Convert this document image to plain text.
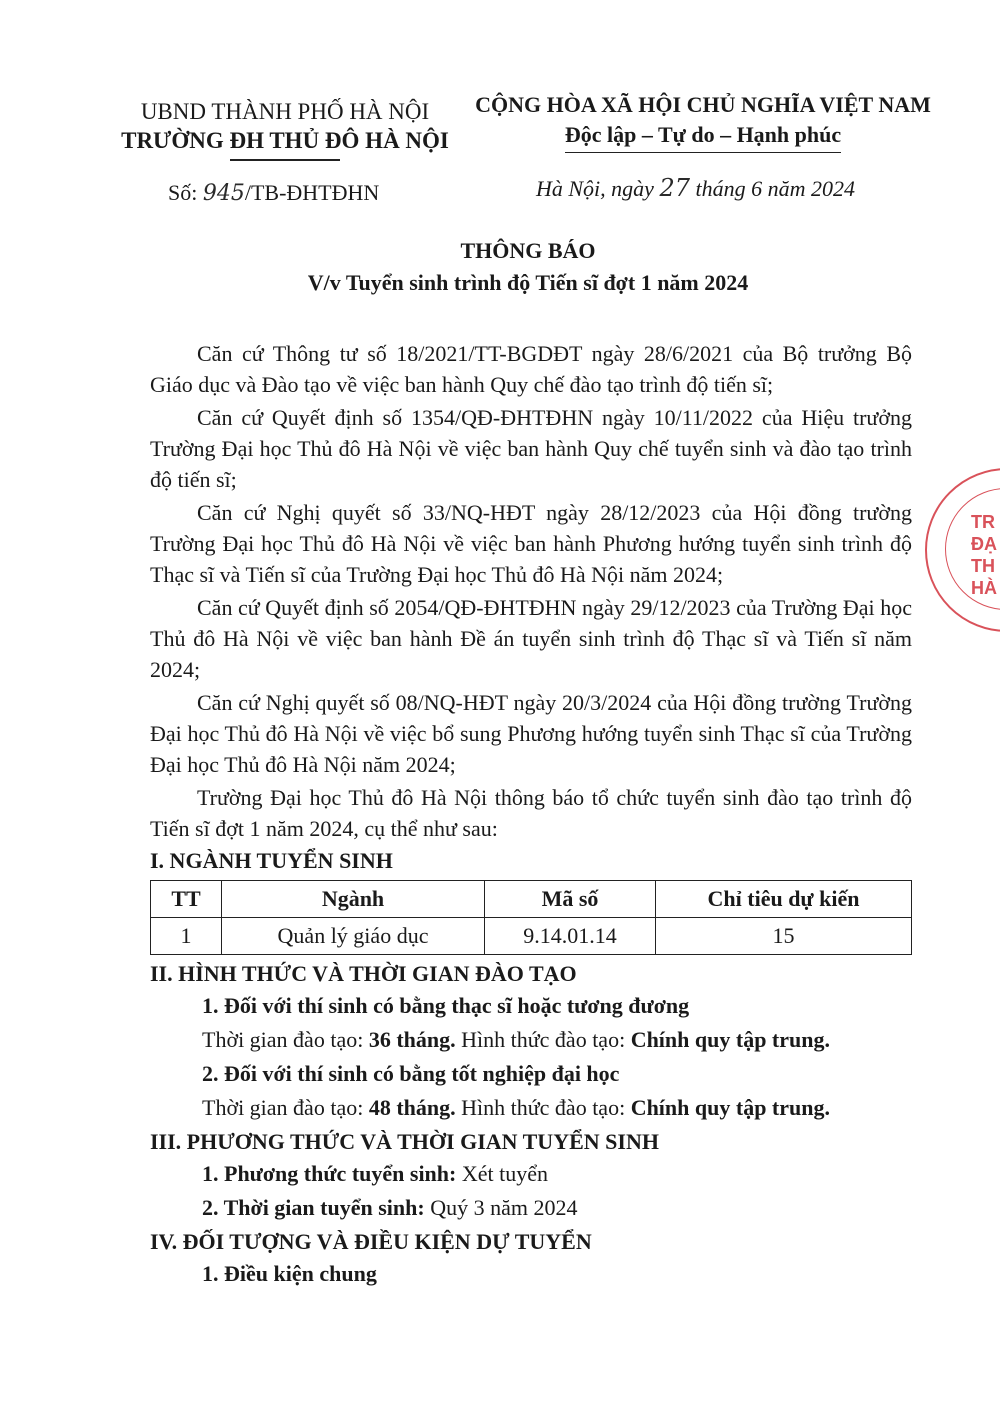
UBND THÀNH PHỐ HÀ NỘI
TRƯỜNG ĐH THỦ ĐÔ HÀ NỘI
CỘNG HÒA XÃ HỘI CHỦ NGHĨA VIỆT NAM
Độc lập – Tự do – Hạnh phúc
Số: 945/TB-ĐHTĐHN	Hà Nội, ngày 27 tháng 6 năm 2024
THÔNG BÁO
V/v Tuyển sinh trình độ Tiến sĩ đợt 1 năm 2024

Căn cứ Thông tư số 18/2021/TT-BGDĐT ngày 28/6/2021 của Bộ trưởng Bộ Giáo dục và Đào tạo về việc ban hành Quy chế đào tạo trình độ tiến sĩ;

Căn cứ Quyết định số 1354/QĐ-ĐHTĐHN ngày 10/11/2022 của Hiệu trưởng Trường Đại học Thủ đô Hà Nội về việc ban hành Quy chế tuyển sinh và đào tạo trình độ tiến sĩ;

Căn cứ Nghị quyết số 33/NQ-HĐT ngày 28/12/2023 của Hội đồng trường Trường Đại học Thủ đô Hà Nội về việc ban hành Phương hướng tuyển sinh trình độ Thạc sĩ và Tiến sĩ của Trường Đại học Thủ đô Hà Nội năm 2024;

Căn cứ Quyết định số 2054/QĐ-ĐHTĐHN ngày 29/12/2023 của Trường Đại học Thủ đô Hà Nội về việc ban hành Đề án tuyển sinh trình độ Thạc sĩ và Tiến sĩ năm 2024;

Căn cứ Nghị quyết số 08/NQ-HĐT ngày 20/3/2024 của Hội đồng trường Trường Đại học Thủ đô Hà Nội về việc bổ sung Phương hướng tuyển sinh Thạc sĩ của Trường Đại học Thủ đô Hà Nội năm 2024;

Trường Đại học Thủ đô Hà Nội thông báo tổ chức tuyển sinh đào tạo trình độ Tiến sĩ đợt 1 năm 2024, cụ thể như sau:

I. NGÀNH TUYỂN SINH
TT	Ngành	Mã số	Chỉ tiêu dự kiến
1	Quản lý giáo dục	9.14.01.14	15
II. HÌNH THỨC VÀ THỜI GIAN ĐÀO TẠO
1. Đối với thí sinh có bằng thạc sĩ hoặc tương đương
Thời gian đào tạo: 36 tháng. Hình thức đào tạo: Chính quy tập trung.
2. Đối với thí sinh có bằng tốt nghiệp đại học
Thời gian đào tạo: 48 tháng. Hình thức đào tạo: Chính quy tập trung.
III. PHƯƠNG THỨC VÀ THỜI GIAN TUYỂN SINH
1. Phương thức tuyển sinh: Xét tuyển
2. Thời gian tuyển sinh: Quý 3 năm 2024
IV. ĐỐI TƯỢNG VÀ ĐIỀU KIỆN DỰ TUYỂN
1. Điều kiện chung
TR
ĐẠ
TH
HÀ
